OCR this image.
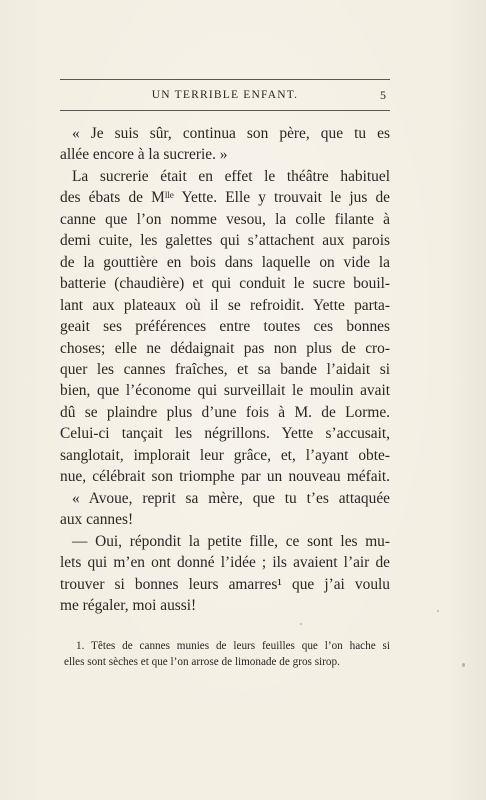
UN TERRIBLE ENFANT.	5
« Je suis sûr, continua son père, que tu es
allée encore à la sucrerie. »
La sucrerie était en effet le théâtre habituel
des ébats de Mˡˡᵉ Yette. Elle y trouvait le jus de
canne que l’on nomme vesou, la colle filante à
demi cuite, les galettes qui s’attachent aux parois
de la gouttière en bois dans laquelle on vide la
batterie (chaudière) et qui conduit le sucre bouil-
lant aux plateaux où il se refroidit. Yette parta-
geait ses préférences entre toutes ces bonnes
choses; elle ne dédaignait pas non plus de cro-
quer les cannes fraîches, et sa bande l’aidait si
bien, que l’économe qui surveillait le moulin avait
dû se plaindre plus d’une fois à M. de Lorme.
Celui-ci tançait les négrillons. Yette s’accusait,
sanglotait, implorait leur grâce, et, l’ayant obte-
nue, célébrait son triomphe par un nouveau méfait.
« Avoue, reprit sa mère, que tu t’es attaquée
aux cannes!
— Oui, répondit la petite fille, ce sont les mu-
lets qui m’en ont donné l’idée ; ils avaient l’air de
trouver si bonnes leurs amarres¹ que j’ai voulu
me régaler, moi aussi!
1. Têtes de cannes munies de leurs feuilles que l’on hache si
elles sont sèches et que l’on arrose de limonade de gros sirop.
